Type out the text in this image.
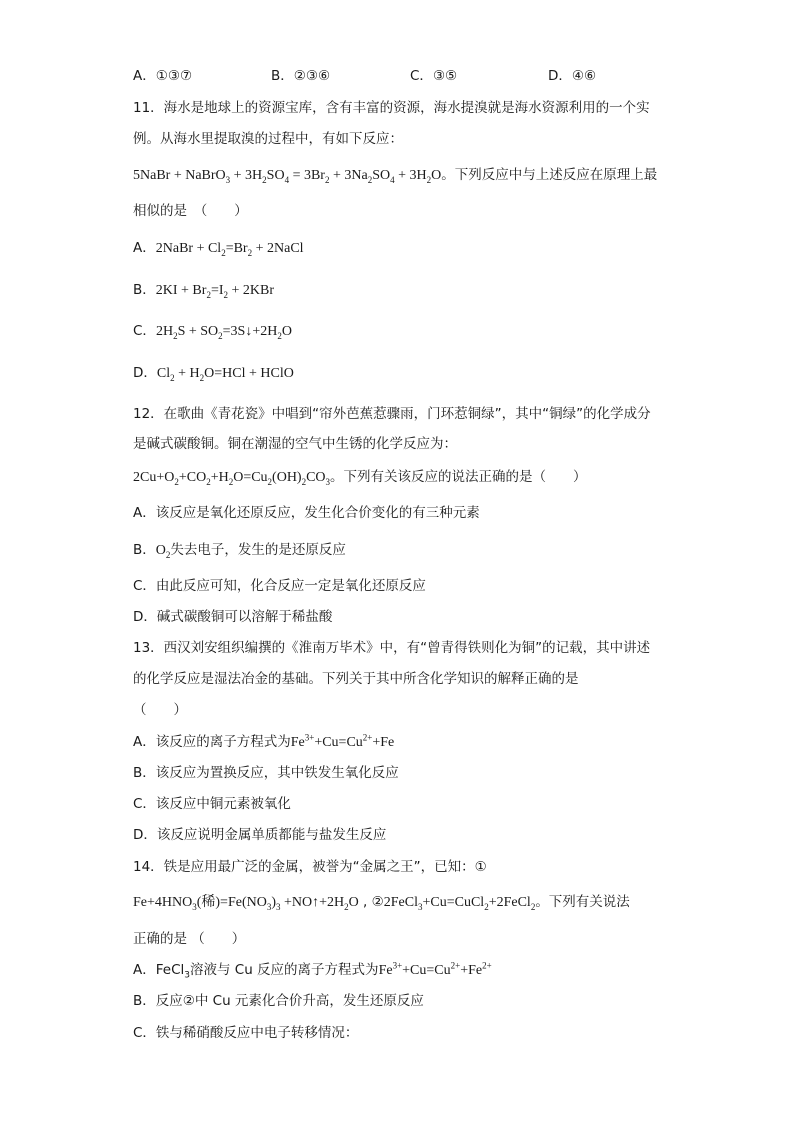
A．①③⑦	B．②③⑥	C．③⑤	D．④⑥
11．海水是地球上的资源宝库，含有丰富的资源，海水提溴就是海水资源利用的一个实
例。从海水里提取溴的过程中，有如下反应：
5NaBr + NaBrO$_3$ + $3H_2SO_4 = 3Br_2 + 3Na_2SO_4 + 3H_2O$。下列反应中与上述反应在原理上最
相似的是　（　　）
A．2NaBr + $Cl_2=Br_2$ + 2NaCl
B．$2KI + Br_2=I_2 + 2KBr$
C．$2H_2S$ + $SO_2=3S↓+2H_2O$
D．$Cl_2 + H_2O=HCl$ + HClO
12．在歌曲《青花瓷》中唱到“帘外芭蕉惹骤雨，门环惹铜绿”，其中“铜绿”的化学成分
是碱式碳酸铜。铜在潮湿的空气中生锈的化学反应为：
$2Cu+O_2+CO_2+H_2O=Cu_2(OH)_2CO_3$。下列有关该反应的说法正确的是（　　）
A．该反应是氧化还原反应，发生化合价变化的有三种元素
B．$O_2$失去电子，发生的是还原反应
C．由此反应可知，化合反应一定是氧化还原反应
D．碱式碳酸铜可以溶解于稀盐酸
13．西汉刘安组织编撰的《淮南万毕术》中，有“曾青得铁则化为铜”的记载，其中讲述
的化学反应是湿法冶金的基础。下列关于其中所含化学知识的解释正确的是
（　　）
A．该反应的离子方程式为$Fe^{3+}+Cu=Cu^{2+}+Fe$
B．该反应为置换反应，其中铁发生氧化反应
C．该反应中铜元素被氧化
D．该反应说明金属单质都能与盐发生反应
14．铁是应用最广泛的金属，被誉为“金属之王”，已知：①
$Fe+4HNO_3$(稀)$=Fe(NO_3)_3$ $+NO↑+2H_2O$ , ②2FeCl$_3$+Cu=CuCl$_2$+2FeCl$_2$。下列有关说法
正确的是 （　　）
A．FeCl$_3$溶液与 Cu 反应的离子方程式为$Fe^{3+}+Cu=Cu^{2+}+Fe^{2+}$
B．反应②中 Cu 元素化合价升高，发生还原反应
C．铁与稀硝酸反应中电子转移情况：
